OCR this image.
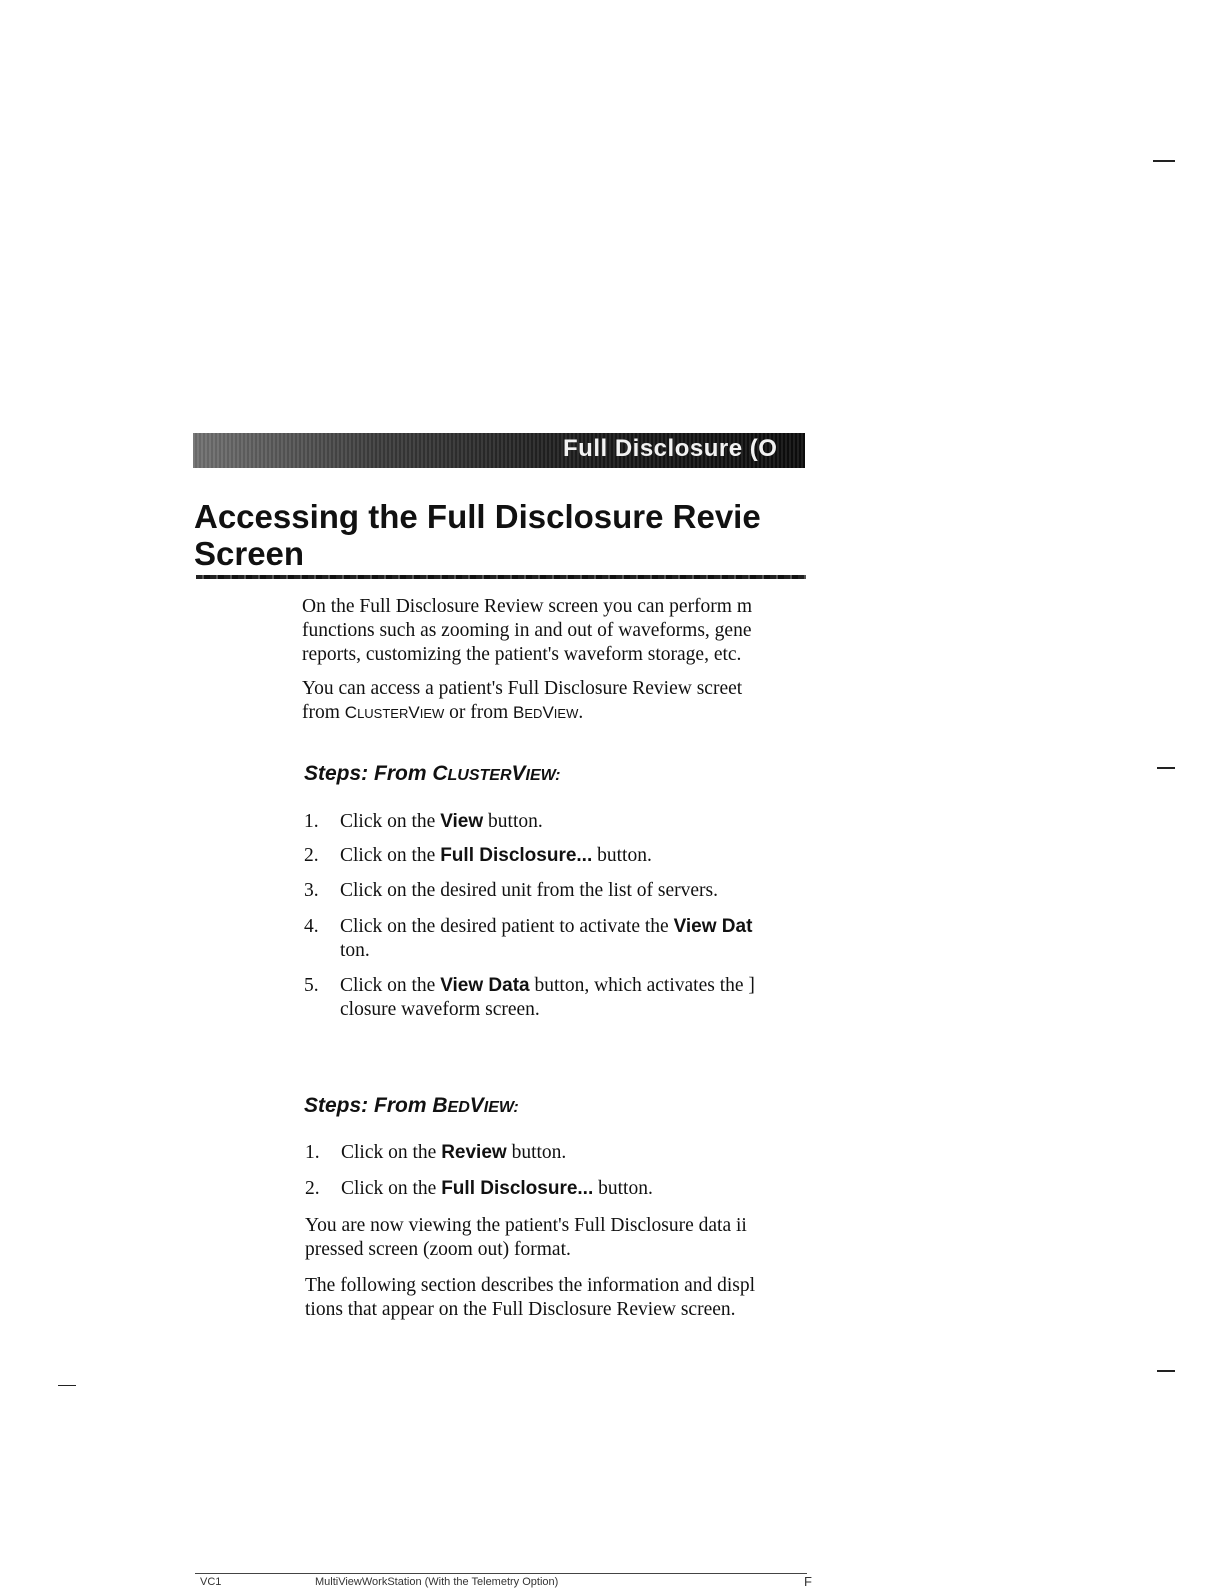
Full Disclosure (O
Accessing the Full Disclosure Revie
Screen

On the Full Disclosure Review screen you can perform m

functions such as zooming in and out of waveforms, gene

reports, customizing the patient's waveform storage, etc.

You can access a patient's Full Disclosure Review screet

from CLUSTERVIEW or from BEDVIEW.

Steps: From CLUSTERVIEW:
1. Click on the View button.
2. Click on the Full Disclosure... button.
3. Click on the desired unit from the list of servers.
4. Click on the desired patient to activate the View Dat
ton.
5. Click on the View Data button, which activates the ]
closure waveform screen.
Steps: From BEDVIEW:
1. Click on the Review button.
2. Click on the Full Disclosure... button.

You are now viewing the patient's Full Disclosure data ii

pressed screen (zoom out) format.

The following section describes the information and displ

tions that appear on the Full Disclosure Review screen.

VC1	MultiViewWorkStation (With the Telemetry Option)	F
